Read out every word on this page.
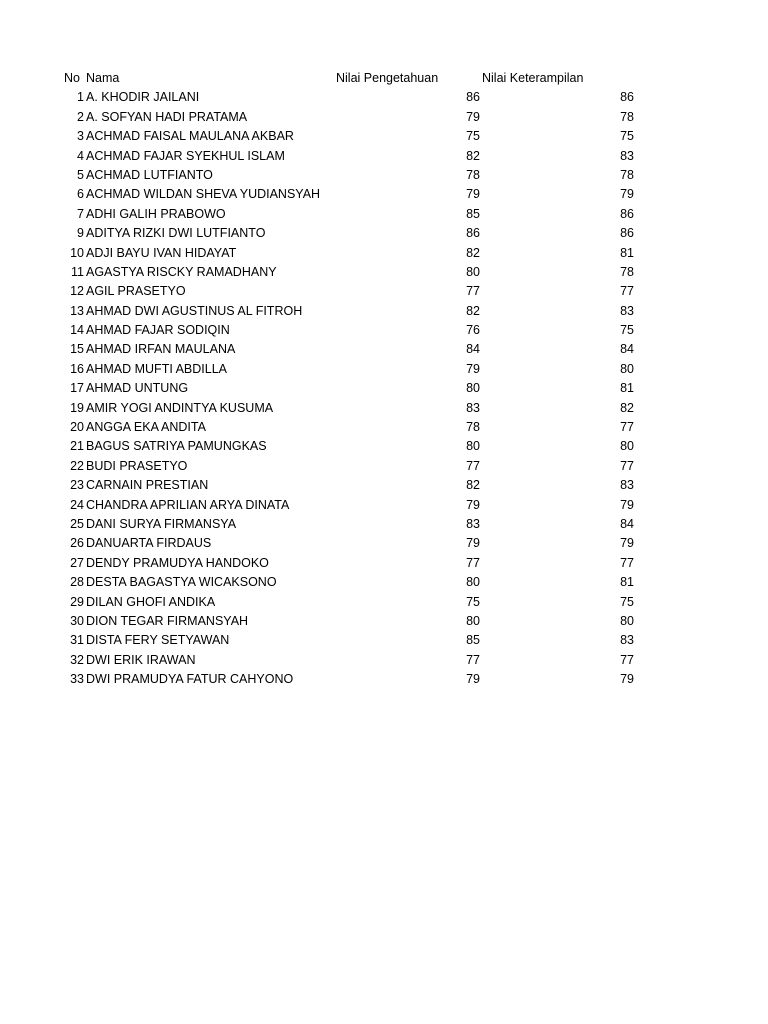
No Nama	Nilai Pengetahuan	Nilai Keterampilan
1 A. KHODIR JAILANI	86	86
2 A. SOFYAN HADI PRATAMA	79	78
3 ACHMAD FAISAL MAULANA AKBAR	75	75
4 ACHMAD FAJAR SYEKHUL ISLAM	82	83
5 ACHMAD LUTFIANTO	78	78
6 ACHMAD WILDAN SHEVA YUDIANSYAH	79	79
7 ADHI GALIH PRABOWO	85	86
9 ADITYA RIZKI DWI LUTFIANTO	86	86
10 ADJI BAYU IVAN HIDAYAT	82	81
11 AGASTYA RISCKY RAMADHANY	80	78
12 AGIL PRASETYO	77	77
13 AHMAD DWI AGUSTINUS AL FITROH	82	83
14 AHMAD FAJAR SODIQIN	76	75
15 AHMAD IRFAN MAULANA	84	84
16 AHMAD MUFTI ABDILLA	79	80
17 AHMAD UNTUNG	80	81
19 AMIR YOGI ANDINTYA KUSUMA	83	82
20 ANGGA EKA ANDITA	78	77
21 BAGUS SATRIYA PAMUNGKAS	80	80
22 BUDI PRASETYO	77	77
23 CARNAIN PRESTIAN	82	83
24 CHANDRA APRILIAN ARYA DINATA	79	79
25 DANI SURYA FIRMANSYA	83	84
26 DANUARTA FIRDAUS	79	79
27 DENDY PRAMUDYA HANDOKO	77	77
28 DESTA BAGASTYA WICAKSONO	80	81
29 DILAN GHOFI ANDIKA	75	75
30 DION TEGAR FIRMANSYAH	80	80
31 DISTA FERY SETYAWAN	85	83
32 DWI ERIK IRAWAN	77	77
33 DWI PRAMUDYA FATUR CAHYONO	79	79
